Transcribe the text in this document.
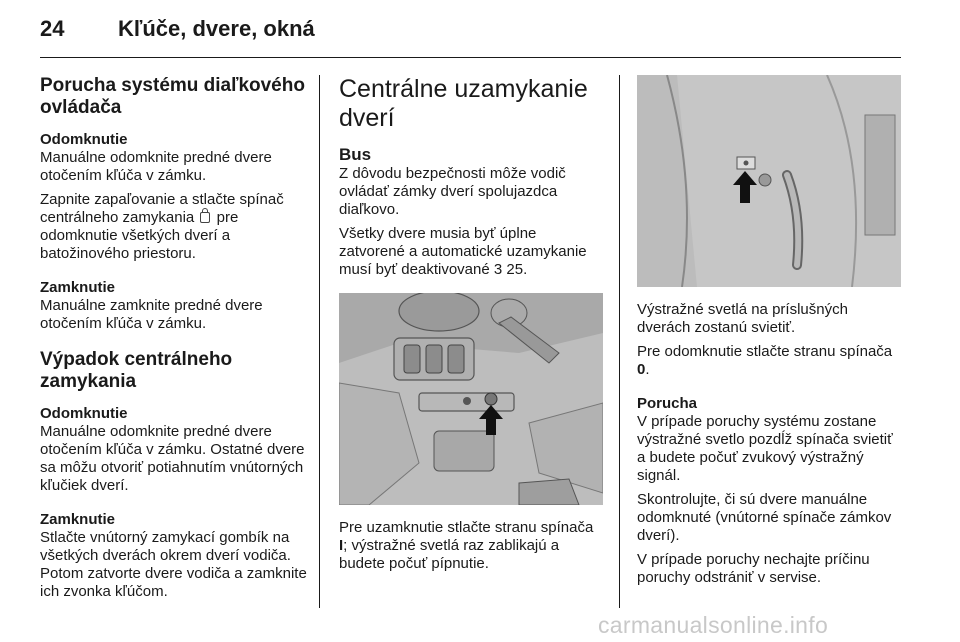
24 Kľúče, dvere, okná
Porucha systému diaľkového ovládača
Odomknutie

Manuálne odomknite predné dvere otočením kľúča v zámku.

Zapnite zapaľovanie a stlačte spínač centrálneho zamykania pre odomknutie všetkých dverí a batožinového priestoru.

Zamknutie

Manuálne zamknite predné dvere otočením kľúča v zámku.

Výpadok centrálneho zamykania
Odomknutie

Manuálne odomknite predné dvere otočením kľúča v zámku. Ostatné dvere sa môžu otvoriť potiahnutím vnútorných kľučiek dverí.

Zamknutie

Stlačte vnútorný zamykací gombík na všetkých dverách okrem dverí vodiča. Potom zatvorte dvere vodiča a zamknite ich zvonka kľúčom.

Centrálne uzamykanie dverí
Bus

Z dôvodu bezpečnosti môže vodič ovládať zámky dverí spolujazdca diaľkovo.

Všetky dvere musia byť úplne zatvorené a automatické uzamykanie musí byť deaktivované 3 25.

Pre uzamknutie stlačte stranu spínača I; výstražné svetlá raz zablikajú a budete počuť pípnutie.

Výstražné svetlá na príslušných dverách zostanú svietiť.

Pre odomknutie stlačte stranu spínača 0.

Porucha

V prípade poruchy systému zostane výstražné svetlo pozdĺž spínača svietiť a budete počuť zvukový výstražný signál.

Skontrolujte, či sú dvere manuálne odomknuté (vnútorné spínače zámkov dverí).

V prípade poruchy nechajte príčinu poruchy odstrániť v servise.

carmanualsonline.info
